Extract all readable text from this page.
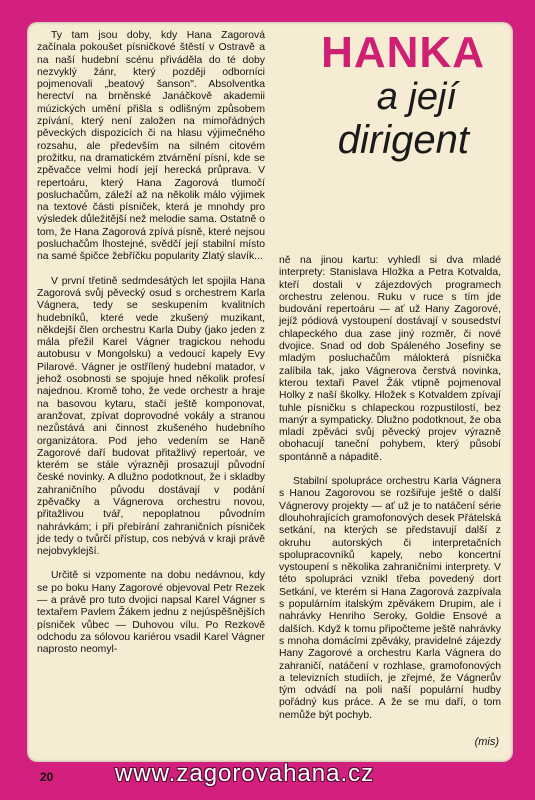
HANKA
a její
dirigent

Ty tam jsou doby, kdy Hana Zagorová začínala pokoušet písničkové štěstí v Ostravě a na naší hudební scénu přiváděla do té doby nezvyklý žánr, který později odborníci pojmenovali „beatový šanson". Absolventka herectví na brněnské Janáčkově akademii múzických umění přišla s odlišným způsobem zpívání, který není založen na mimořádných pěveckých dispozicích či na hlasu výjimečného rozsahu, ale především na silném citovém prožitku, na dramatickém ztvárnění písní, kde se zpěvačce velmi hodí její herecká průprava. V repertoáru, který Hana Zagorová tlumočí posluchačům, záleží až na několik málo výjimek na textové části písniček, která je mnohdy pro výsledek důležitější než melodie sama. Ostatně o tom, že Hana Zagorová zpívá písně, které nejsou posluchačům lhostejné, svědčí její stabilní místo na samé špičce žebříčku popularity Zlatý slavík...

V první třetině sedmdesátých let spojila Hana Zagorová svůj pěvecký osud s orchestrem Karla Vágnera, tedy se seskupením kvalitních hudebníků, které vede zkušený muzikant, někdejší člen orchestru Karla Duby (jako jeden z mála přežil Karel Vágner tragickou nehodu autobusu v Mongolsku) a vedoucí kapely Evy Pilarové. Vágner je ostřílený hudební matador, v jehož osobnosti se spojuje hned několik profesí najednou. Kromě toho, že vede orchestr a hraje na basovou kytaru, stačí ještě komponovat, aranžovat, zpívat doprovodné vokály a stranou nezůstává ani činnost zkušeného hudebního organizátora. Pod jeho vedením se Haně Zagorové daří budovat přitažlivý repertoár, ve kterém se stále výrazněji prosazují původní české novinky. A dlužno podotknout, že i skladby zahraničního původu dostávají v podání zpěvačky a Vágnerova orchestru novou, přitažlivou tvář, nepoplatnou původním nahrávkám; i při přebírání zahraničních písniček jde tedy o tvůrčí přístup, cos nebývá v kraji právě nejobvyklejší.

Určitě si vzpomente na dobu nedávnou, kdy se po boku Hany Zagorové objevoval Petr Rezek — a právě pro tuto dvojici napsal Karel Vágner s textařem Pavlem Žákem jednu z nejúspěšnějších písniček vůbec — Duhovou vílu. Po Rezkově odchodu za sólovou kariérou vsadil Karel Vágner naprosto neomyl-

ně na jinou kartu: vyhledl si dva mladé interprety: Stanislava Hložka a Petra Kotvalda, kteří dostali v zájezdových programech orchestru zelenou. Ruku v ruce s tím jde budování repertoáru — ať už Hany Zagorové, jejíž pódiová vystoupení dostávají v sousedství chlapeckého dua zase jiný rozměr, či nové dvojice. Snad od dob Spáleného Josefiny se mladým posluchačům málokterá písnička zalíbila tak, jako Vágnerova čerstvá novinka, kterou textaři Pavel Žák vtipně pojmenoval Holky z naší školky. Hložek s Kotvaldem zpívají tuhle písničku s chlapeckou rozpustilostí, bez manýr a sympaticky. Dlužno podotknout, že oba mladí zpěváci svůj pěvecký projev výrazně obohacují taneční pohybem, který působí spontánně a nápaditě.

Stabilní spolupráce orchestru Karla Vágnera s Hanou Zagorovou se rozšiřuje ještě o další Vágnerovy projekty — ať už je to natáčení série dlouhohrajících gramofonových desek Přátelská setkání, na kterých se představují další z okruhu autorských či interpretačních spolupracovníků kapely, nebo koncertní vystoupení s několika zahraničními interprety. V této spolupráci vznikl třeba povedený dort Setkání, ve kterém si Hana Zagorová zazpívala s populárním italským zpěvákem Drupim, ale i nahrávky Henriho Seroky, Goldie Ensové a dalších. Když k tomu připočteme ještě nahrávky s mnoha domácími zpěváky, pravidelné zájezdy Hany Zagorové a orchestru Karla Vágnera do zahraničí, natáčení v rozhlase, gramofonových a televizních studiích, je zřejmé, že Vágnerův tým odvádí na poli naší populární hudby pořádný kus práce. A že se mu daří, o tom nemůže být pochyb.

(mis)
20	www.zagorovahana.cz
